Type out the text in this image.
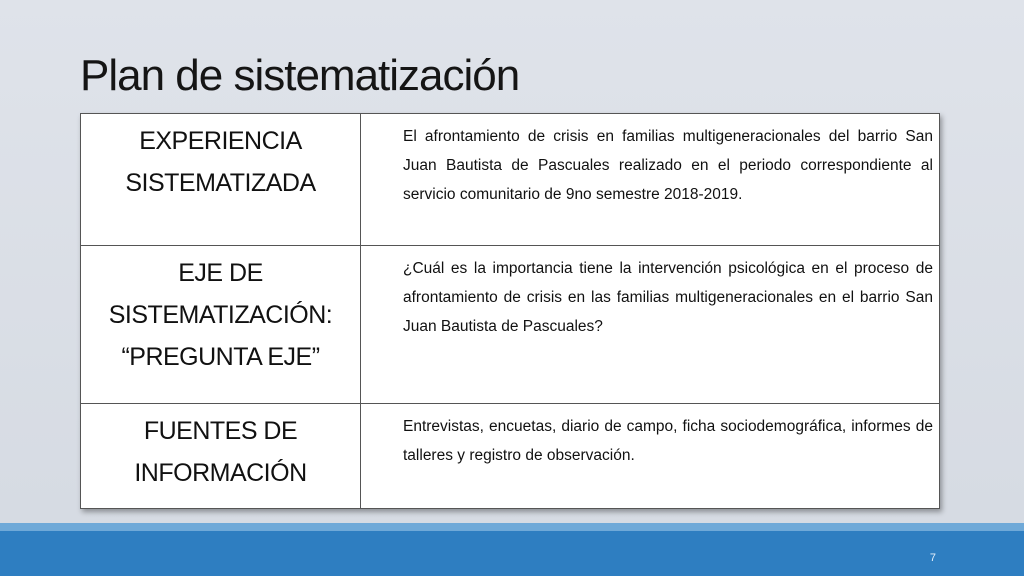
Plan de sistematización
EXPERIENCIA
SISTEMATIZADA	El afrontamiento de crisis en familias multigeneracionales del barrio San Juan Bautista de Pascuales realizado en el periodo correspondiente al servicio comunitario de 9no semestre 2018-2019.

EJE DE
SISTEMATIZACIÓN:
“PREGUNTA EJE”	¿Cuál es la importancia tiene la intervención psicológica en el proceso de afrontamiento de crisis en las familias multigeneracionales en el barrio San Juan Bautista de Pascuales?

FUENTES DE
INFORMACIÓN	Entrevistas, encuetas, diario de campo, ficha sociodemográfica, informes de talleres y registro de observación.
7
